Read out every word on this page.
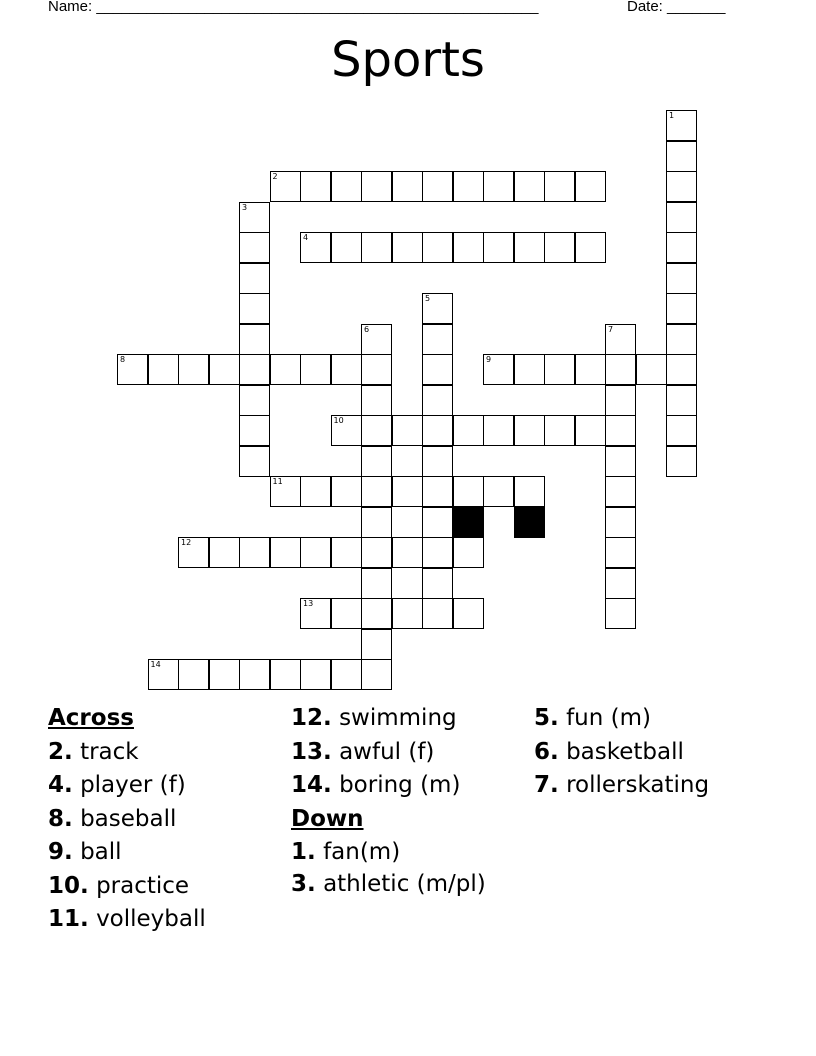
Name: _____________________________________________________	Date: _______
Sports
1
2
3
4
5
6	7
8	9
10
11
12
13
14

Across

2. track

4. player (f)

8. baseball

9. ball

10. practice

11. volleyball

12. swimming

13. awful (f)

14. boring (m)

Down

1. fan(m)

3. athletic (m/pl)

5. fun (m)

6. basketball

7. rollerskating
